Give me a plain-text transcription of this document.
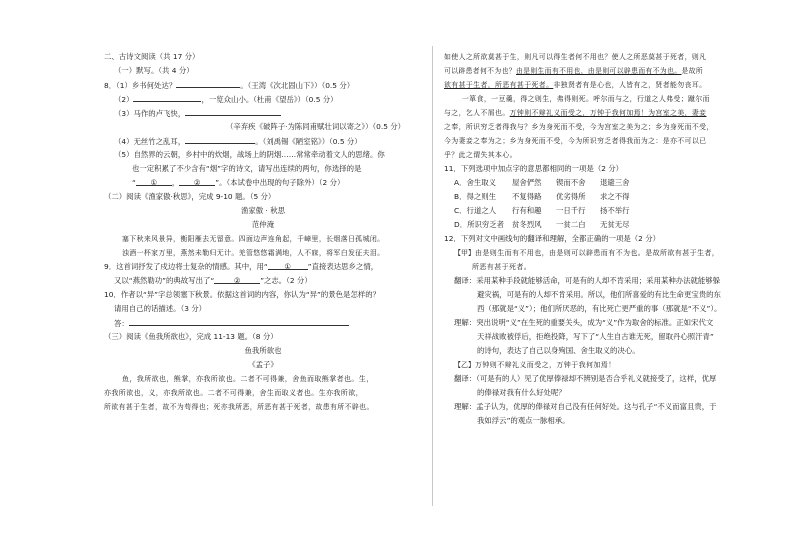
二、古诗文阅读（共 17 分）
（一）默写。（共 4 分）
8．（1）乡书何处达？	。（王湾《次北固山下》）（0.5 分）
（2）	，一览众山小。（杜甫《望岳》）（0.5 分）
（3）马作的卢飞快，
（辛弃疾《破阵子·为陈同甫赋壮词以寄之》）（0.5 分）
（4）无丝竹之乱耳，	。（刘禹锡《陋室铭》）（0.5 分）
（5）自然界的云朝，乡村中的炊烟，战场上的阴烟……常常牵动着文人的思绪。你
也一定积累了不少含有“烟”字的诗文，请写出连续的两句，你选择的是
“ ① ， ② ”。（本试卷中出现的句子除外）（2 分）
（二）阅读《渔家傲·秋思》，完成 9-10 题。（5 分）
渔家傲 · 秋思
范仲淹
塞下秋来风景异，衡阳雁去无留意。四面边声连角起，千嶂里，长烟落日孤城闭。
浊酒一杯家万里，燕然未勒归无计。羌管悠悠霜满地，人不寐，将军白发征夫泪。
9．这首词抒发了戍边将士复杂的情感。其中，用“ ① ”直接表达思乡之情，
又以“燕然勒功”的典故写出了“	②	”之志。（2 分）
10．作者以“异”字总领塞下秋景。依据这首词的内容，你认为“异”的景色是怎样的？
请用自己的话描述。（3 分）
答：
（三）阅读《鱼我所欲也》，完成 11-13 题。（8 分）
鱼我所欲也
《孟子》
鱼，我所欲也，熊掌，亦我所欲也。二者不可得兼，舍鱼而取熊掌者也。生，
亦我所欲也，义，亦我所欲也。二者不可得兼，舍生而取义者也。生亦我所欲，
所欲有甚于生者，故不为苟得也；死亦我所恶，所恶有甚于死者，故患有所不辟也。
如使人之所欲莫甚于生，则凡可以得生者何不用也？使人之所恶莫甚于死者，则凡
可以辟患者何不为也？由是则生而有不用也，由是则可以辟患而有不为也。是故所
欲有甚于生者，所恶有甚于死者。非独贤者有是心也，人皆有之，贤者能勿丧耳。
一箪食，一豆羹，得之则生，弗得则死。呼尔而与之，行道之人弗受；蹴尔而
与之，乞人不屑也。万钟则不辩礼义而受之，万钟于我何加焉！为宫室之美，妻妾
之奉，所识穷乏者得我与？乡为身死而不受，今为宫室之美为之；乡为身死而不受，
今为妻妾之奉为之；乡为身死而不受，今为所识穷乏者得我而为之：是亦不可以已
乎？此之谓失其本心。
11．下列选项中加点字的意思都相同的一项是（2 分）
A．舍生取义 屋舍俨然 锲而不舍 退避三舍
B．得之则生 不复得路 优劣得所 求之不得
C．行道之人 行有和趣 一日千行 扬不举行
D．所识穷乏者 贫冬烈风 一贫二白 无贫无尽
12．下列对文中画线句的翻译和理解，全都正确的一项是（2 分）
【甲】由是则生而有不用也，由是则可以辟患而有不为也。是故所欲有甚于生者，
所恶有甚于死者。
翻译：采用某种手段就能够活命，可是有的人却不肯采用；采用某种办法就能够躲
避灾祸，可是有的人却不肯采用。所以，他们所喜爱的有比生命更宝贵的东
西（那就是“义”）；他们所厌恶的，有比死亡更严重的事（那就是“不义”）。
理解：突出说明“义”在生死的重要关头，成为“义”作为取舍的标准。正如宋代文
天祥战败被俘后，拒绝投降，写下了“人生自古谁无死，留取丹心照汗青”
的诗句，表达了自己以身殉国、舍生取义的决心。
【乙】万钟则不辩礼义而受之，万钟于我何加焉！
翻译：（可是有的人）见了优厚俸禄却不辨别是否合乎礼义就接受了，这样，优厚
的俸禄对我有什么好处呢？
理解：孟子认为，优厚的俸禄对自己没有任何好处。这与孔子“不义而富且贵，于
我如浮云”的观点一脉相承。
